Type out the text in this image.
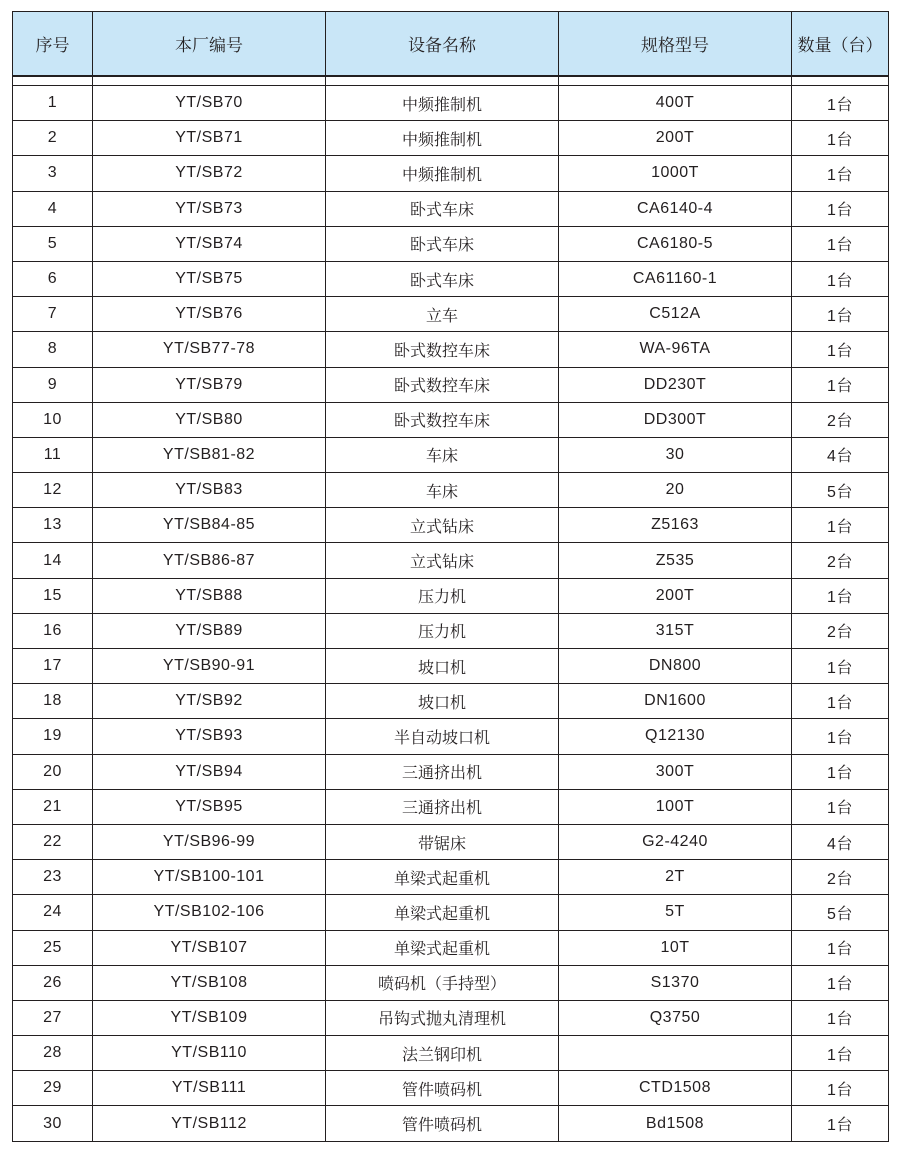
序号	本厂编号	设备名称	规格型号	数量（台）

1	YT/SB70	中频推制机	400T	1台
2	YT/SB71	中频推制机	200T	1台
3	YT/SB72	中频推制机	1000T	1台
4	YT/SB73	卧式车床	CA6140-4	1台
5	YT/SB74	卧式车床	CA6180-5	1台
6	YT/SB75	卧式车床	CA61160-1	1台
7	YT/SB76	立车	C512A	1台
8	YT/SB77-78	卧式数控车床	WA-96TA	1台
9	YT/SB79	卧式数控车床	DD230T	1台
10	YT/SB80	卧式数控车床	DD300T	2台
11	YT/SB81-82	车床	30	4台
12	YT/SB83	车床	20	5台
13	YT/SB84-85	立式钻床	Z5163	1台
14	YT/SB86-87	立式钻床	Z535	2台
15	YT/SB88	压力机	200T	1台
16	YT/SB89	压力机	315T	2台
17	YT/SB90-91	坡口机	DN800	1台
18	YT/SB92	坡口机	DN1600	1台
19	YT/SB93	半自动坡口机	Q12130	1台
20	YT/SB94	三通挤出机	300T	1台
21	YT/SB95	三通挤出机	100T	1台
22	YT/SB96-99	带锯床	G2-4240	4台
23	YT/SB100-101	单梁式起重机	2T	2台
24	YT/SB102-106	单梁式起重机	5T	5台
25	YT/SB107	单梁式起重机	10T	1台
26	YT/SB108	喷码机（手持型）	S1370	1台
27	YT/SB109	吊钩式抛丸清理机	Q3750	1台
28	YT/SB110	法兰钢印机		1台
29	YT/SB111	管件喷码机	CTD1508	1台
30	YT/SB112	管件喷码机	Bd1508	1台
